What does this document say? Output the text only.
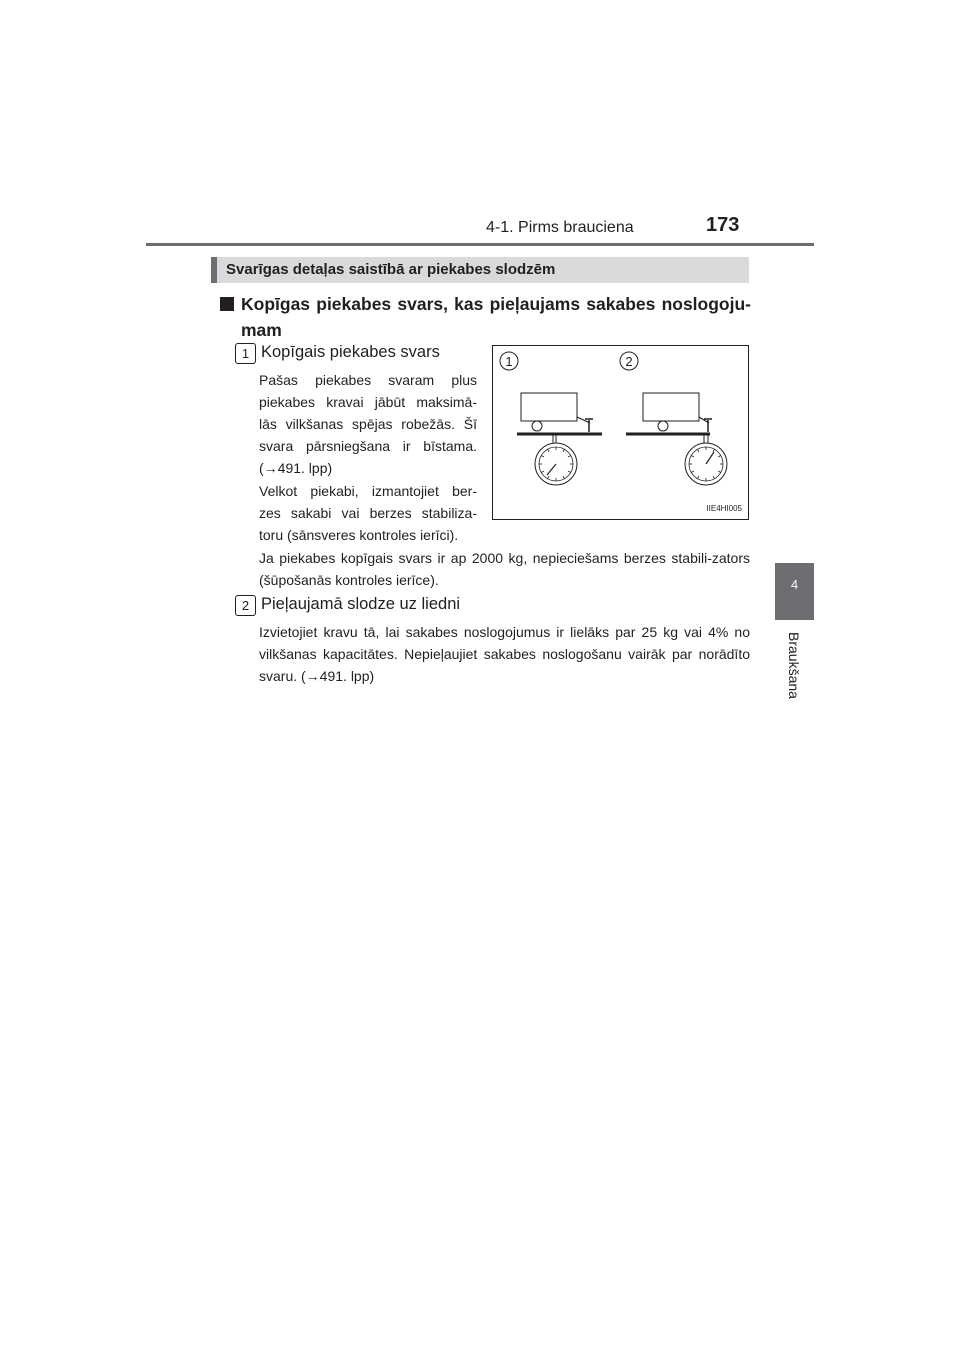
4-1. Pirms brauciena	173
4
Braukšana
Svarīgas detaļas saistībā ar piekabes slodzēm
Kopīgas piekabes svars, kas pieļaujams sakabes noslogoju-mam
1 Kopīgais piekabes svars
Pašas piekabes svaram plus
piekabes kravai jābūt maksimā-
lās vilkšanas spējas robežās. Šī
svara pārsniegšana ir bīstama.
(→491. lpp)
Velkot piekabi, izmantojiet ber-
zes sakabi vai berzes stabiliza-
toru (sānsveres kontroles ierīci).
Ja piekabes kopīgais svars ir ap 2000 kg, nepieciešams berzes stabili-zators (šūpošanās kontroles ierīce).
1	2
IIE4HI005
2 Pieļaujamā slodze uz liedni
Izvietojiet kravu tā, lai sakabes noslogojumus ir lielāks par 25 kg vai 4% no vilkšanas kapacitātes. Nepieļaujiet sakabes noslogošanu vairāk par norādīto svaru. (→491. lpp)
